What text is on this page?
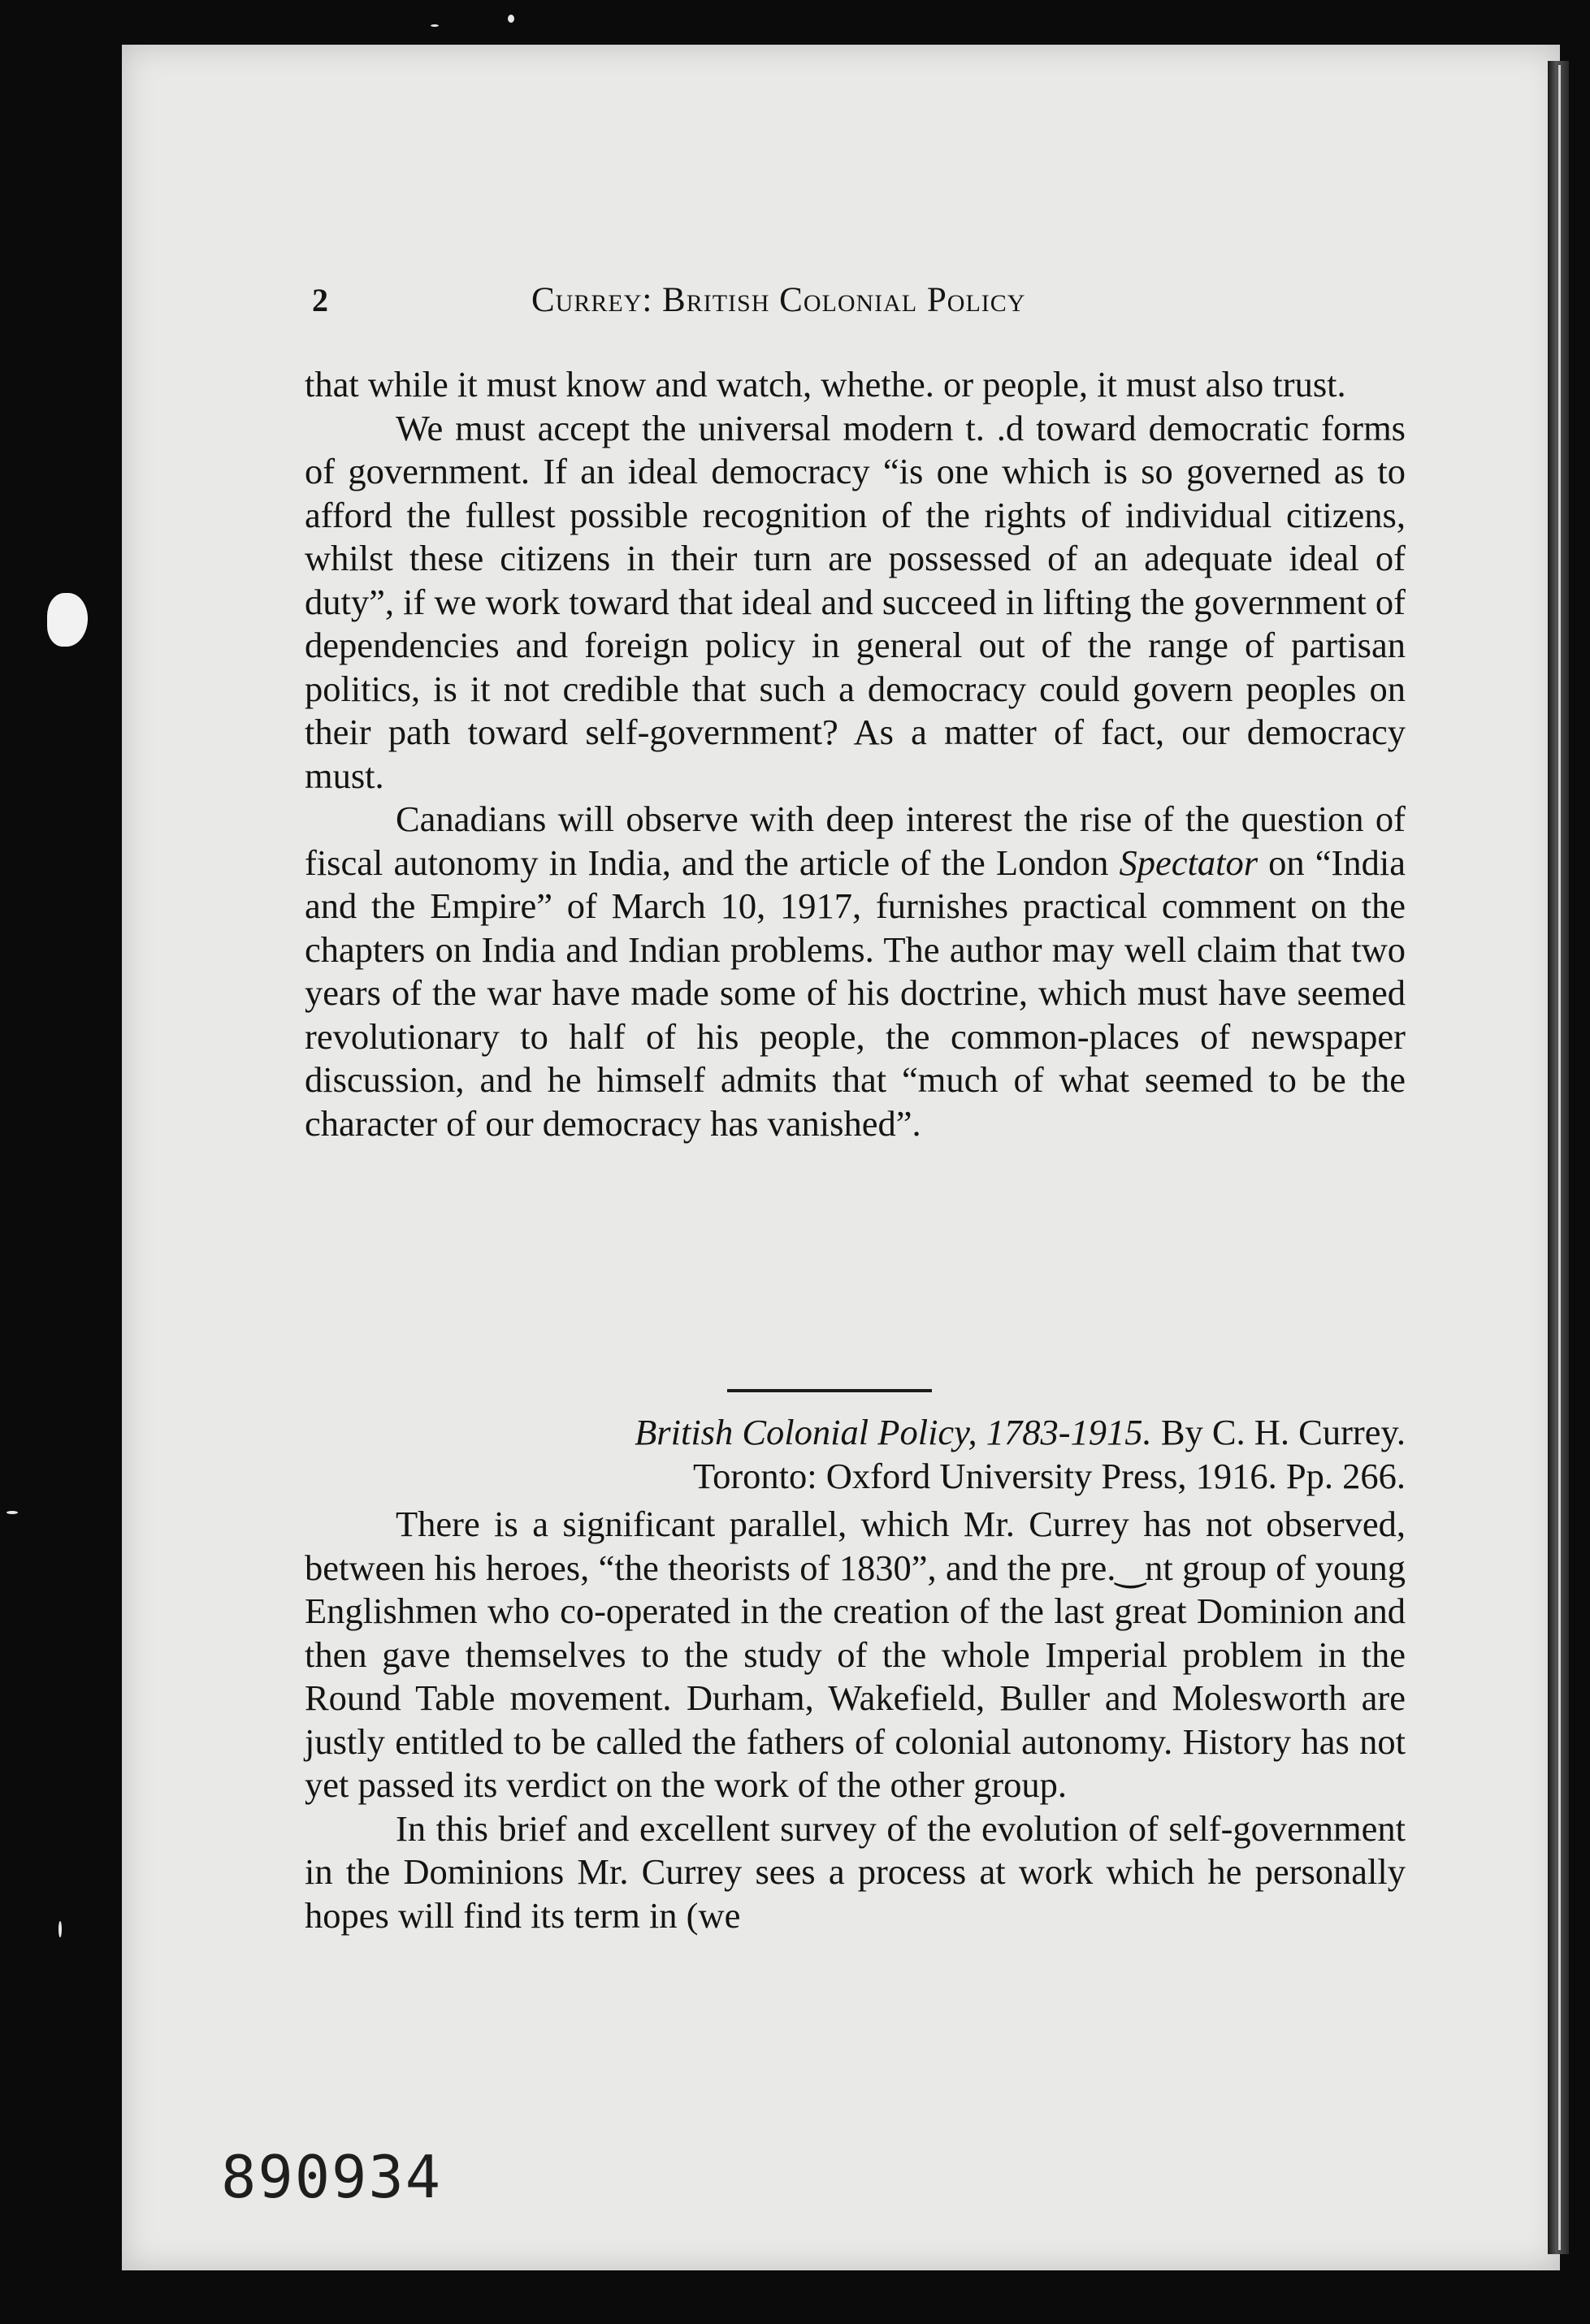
2	Currey: British Colonial Policy

that while it must know and watch, whethe. or people, it must also trust.

We must accept the universal modern t. .d toward democratic forms of government. If an ideal democracy “is one which is so governed as to afford the fullest possible recognition of the rights of individual citizens, whilst these citizens in their turn are possessed of an adequate ideal of duty”, if we work toward that ideal and succeed in lifting the government of dependencies and foreign policy in general out of the range of partisan politics, is it not credible that such a democracy could govern peoples on their path toward self-government? As a matter of fact, our democracy must.

Canadians will observe with deep interest the rise of the question of fiscal autonomy in India, and the article of the London Spectator on “India and the Empire” of March 10, 1917, furnishes practical comment on the chapters on India and Indian problems. The author may well claim that two years of the war have made some of his doctrine, which must have seemed revolutionary to half of his people, the common-places of newspaper discussion, and he himself admits that “much of what seemed to be the character of our democracy has vanished”.

British Colonial Policy, 1783-1915. By C. H. Currey.
Toronto: Oxford University Press, 1916. Pp. 266.

There is a significant parallel, which Mr. Currey has not observed, between his heroes, “the theorists of 1830”, and the pre.‿nt group of young Englishmen who co-operated in the creation of the last great Dominion and then gave themselves to the study of the whole Imperial problem in the Round Table movement. Durham, Wakefield, Buller and Molesworth are justly entitled to be called the fathers of colonial autonomy. History has not yet passed its verdict on the work of the other group.

In this brief and excellent survey of the evolution of self-government in the Dominions Mr. Currey sees a process at work which he personally hopes will find its term in (we

890934
